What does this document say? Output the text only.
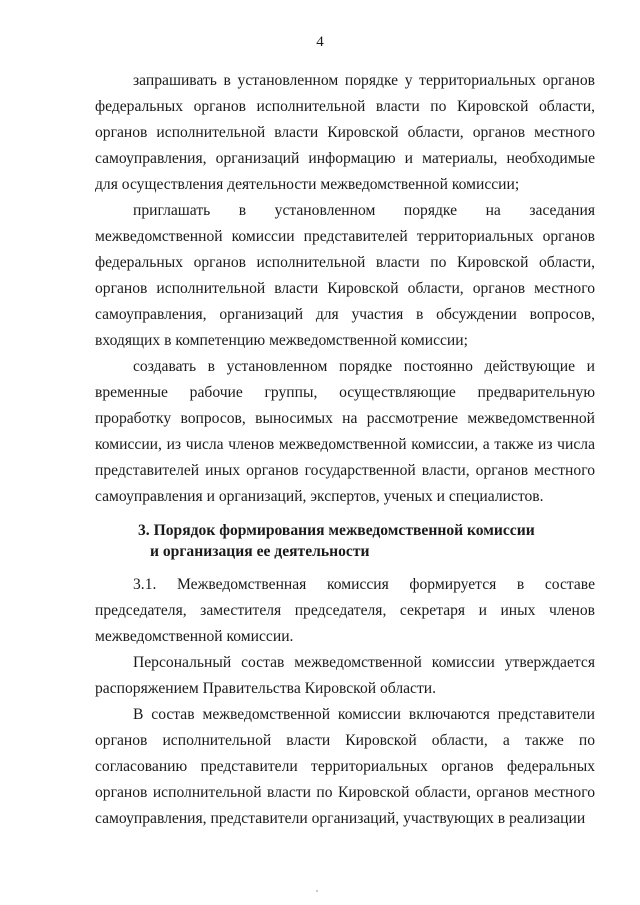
4

запрашивать в установленном порядке у территориальных органов федеральных органов исполнительной власти по Кировской области, органов исполнительной власти Кировской области, органов местного самоуправления, организаций информацию и материалы, необходимые для осуществления деятельности межведомственной комиссии;

приглашать в установленном порядке на заседания межведомственной комиссии представителей территориальных органов федеральных органов исполнительной власти по Кировской области, органов исполнительной власти Кировской области, органов местного самоуправления, организаций для участия в обсуждении вопросов, входящих в компетенцию межведомственной комиссии;

создавать в установленном порядке постоянно действующие и временные рабочие группы, осуществляющие предварительную проработку вопросов, выносимых на рассмотрение межведомственной комиссии, из числа членов межведомственной комиссии, а также из числа представителей иных органов государственной власти, органов местного самоуправления и организаций, экспертов, ученых и специалистов.

3. Порядок формирования межведомственной комиссии
и организация ее деятельности

3.1. Межведомственная комиссия формируется в составе председателя, заместителя председателя, секретаря и иных членов межведомственной комиссии.

Персональный состав межведомственной комиссии утверждается распоряжением Правительства Кировской области.

В состав межведомственной комиссии включаются представители органов исполнительной власти Кировской области, а также по согласованию представители территориальных органов федеральных органов исполнительной власти по Кировской области, органов местного самоуправления, представители организаций, участвующих в реализации
